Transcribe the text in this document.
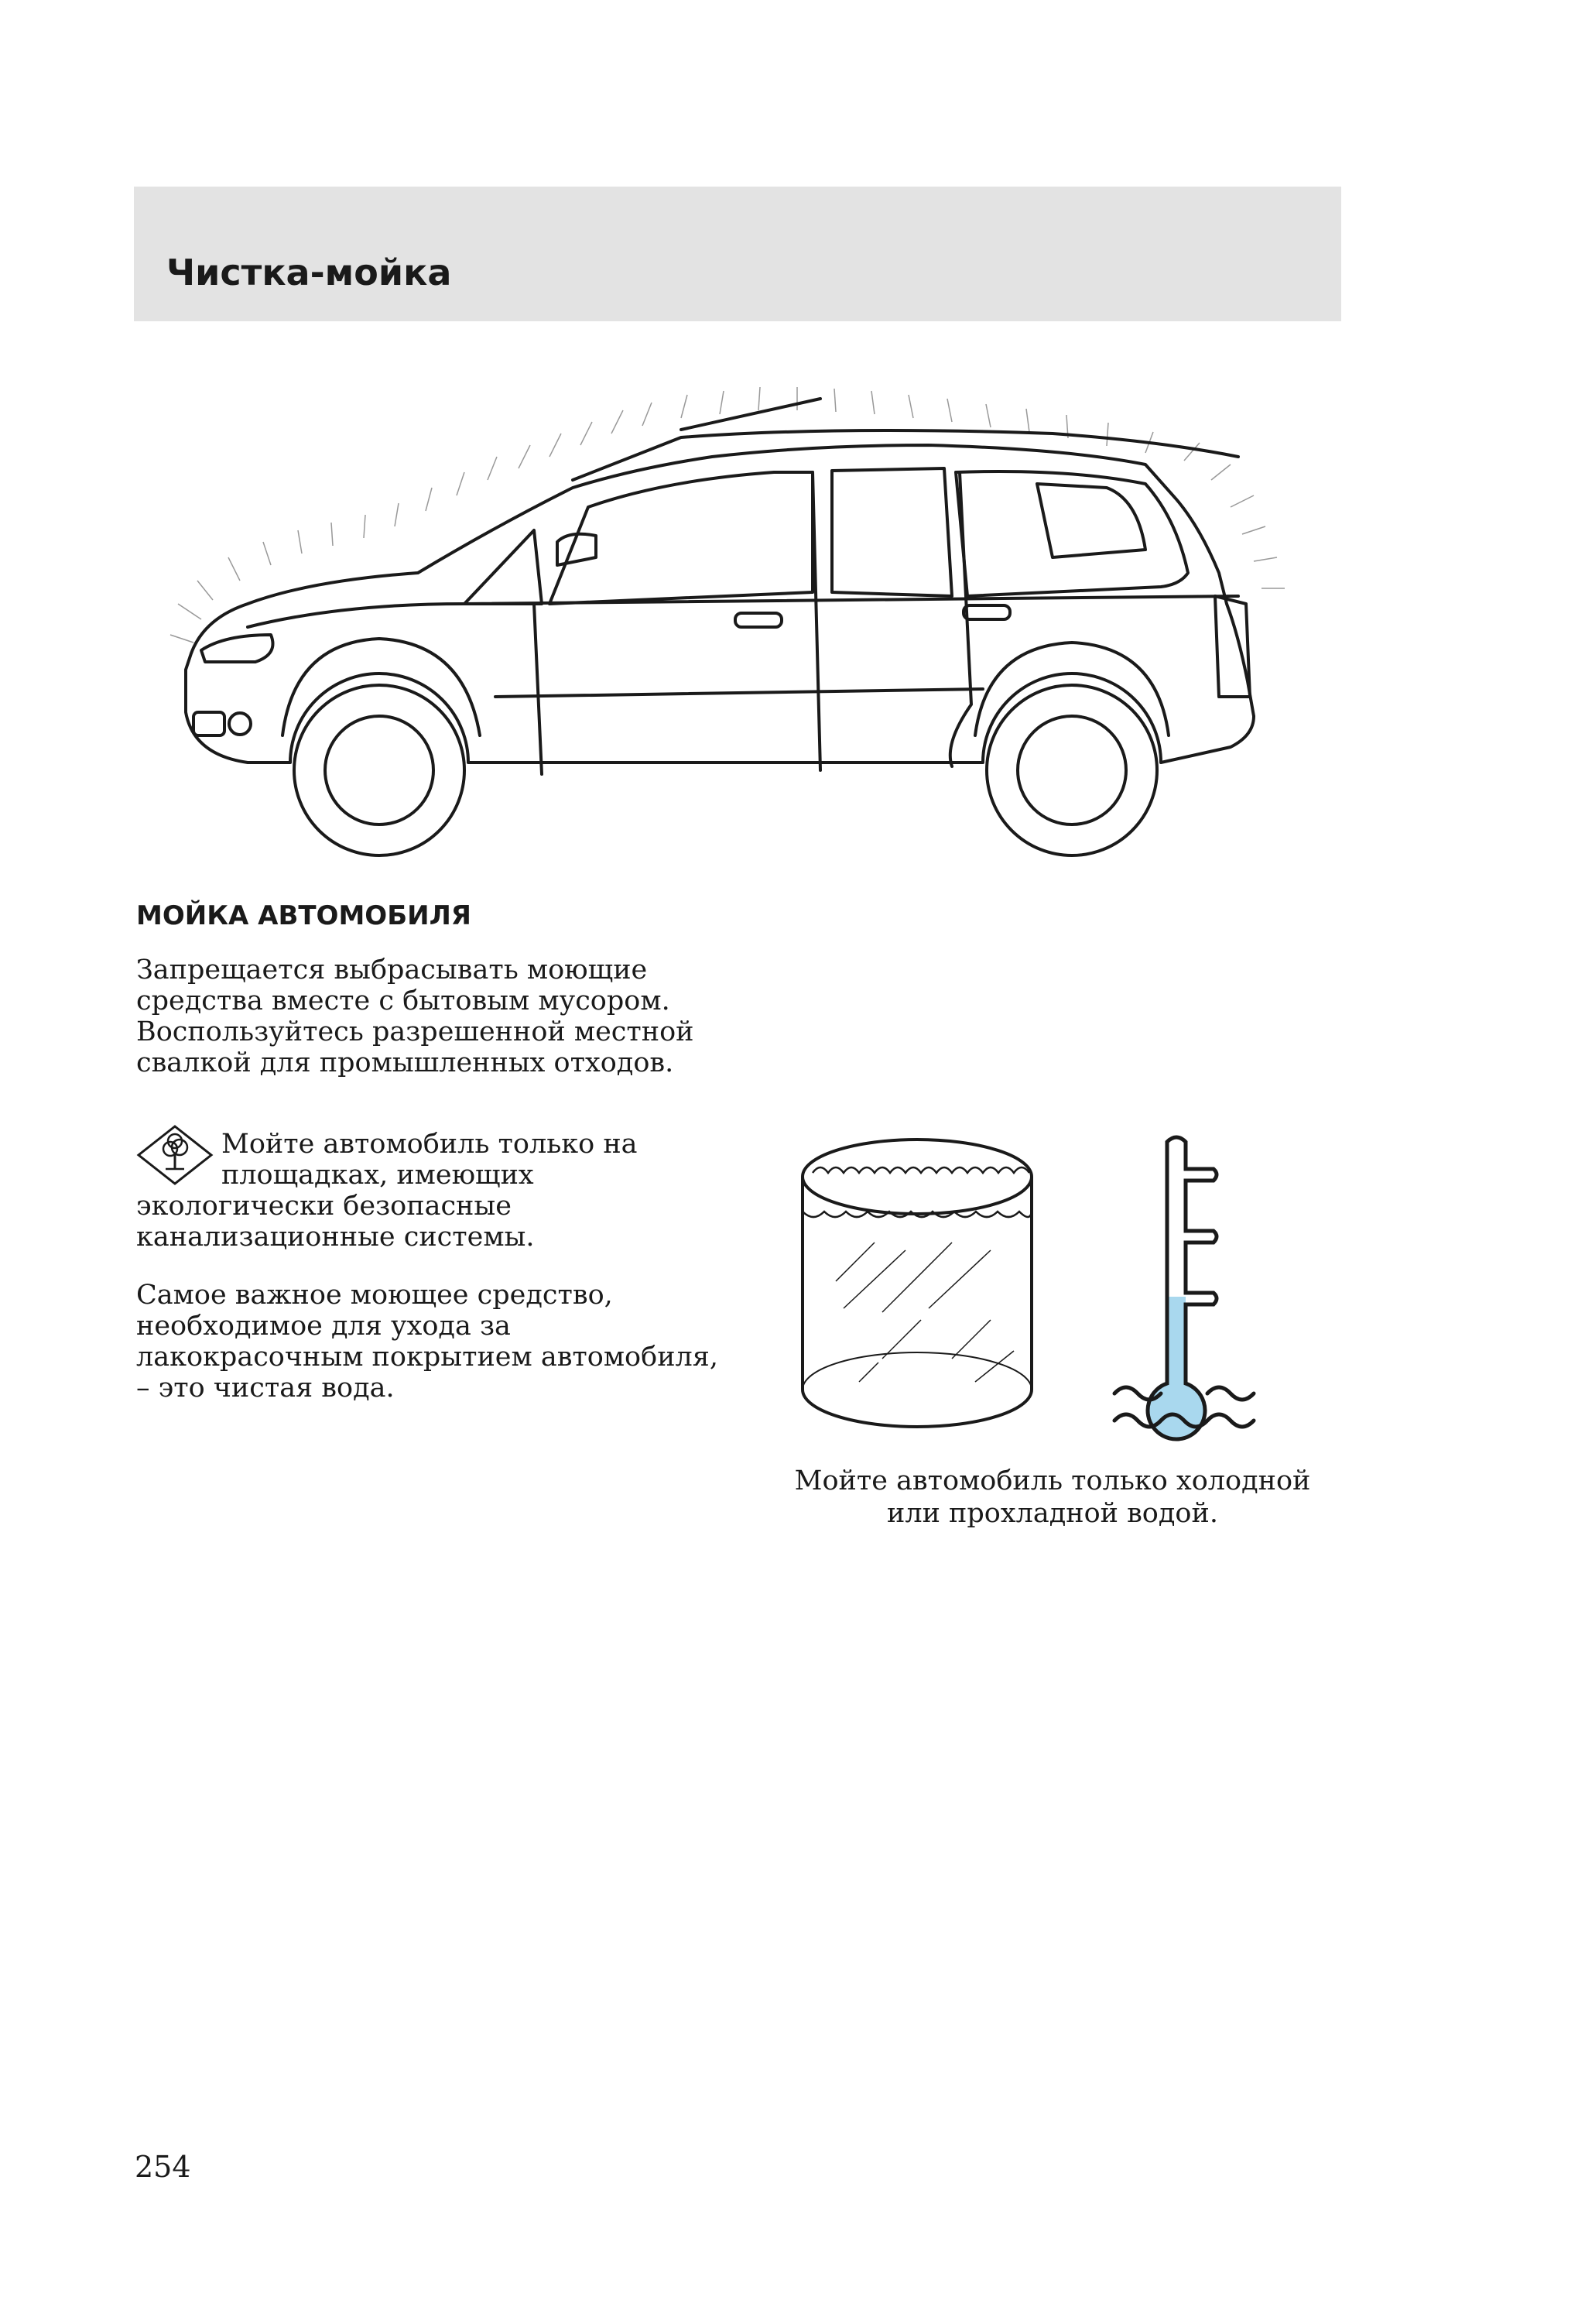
Чистка-мойка
МОЙКА АВТОМОБИЛЯ

Запрещается выбрасывать моющие средства вместе с бытовым мусором. Воспользуйтесь разрешенной местной свалкой для промышленных отходов.

Мойте автомобиль только на площадках, имеющих экологически безопасные канализационные системы.

Самое важное моющее средство, необходимое для ухода за лакокрасочным покрытием автомобиля, – это чистая вода.

Мойте автомобиль только холодной или прохладной водой.

254
